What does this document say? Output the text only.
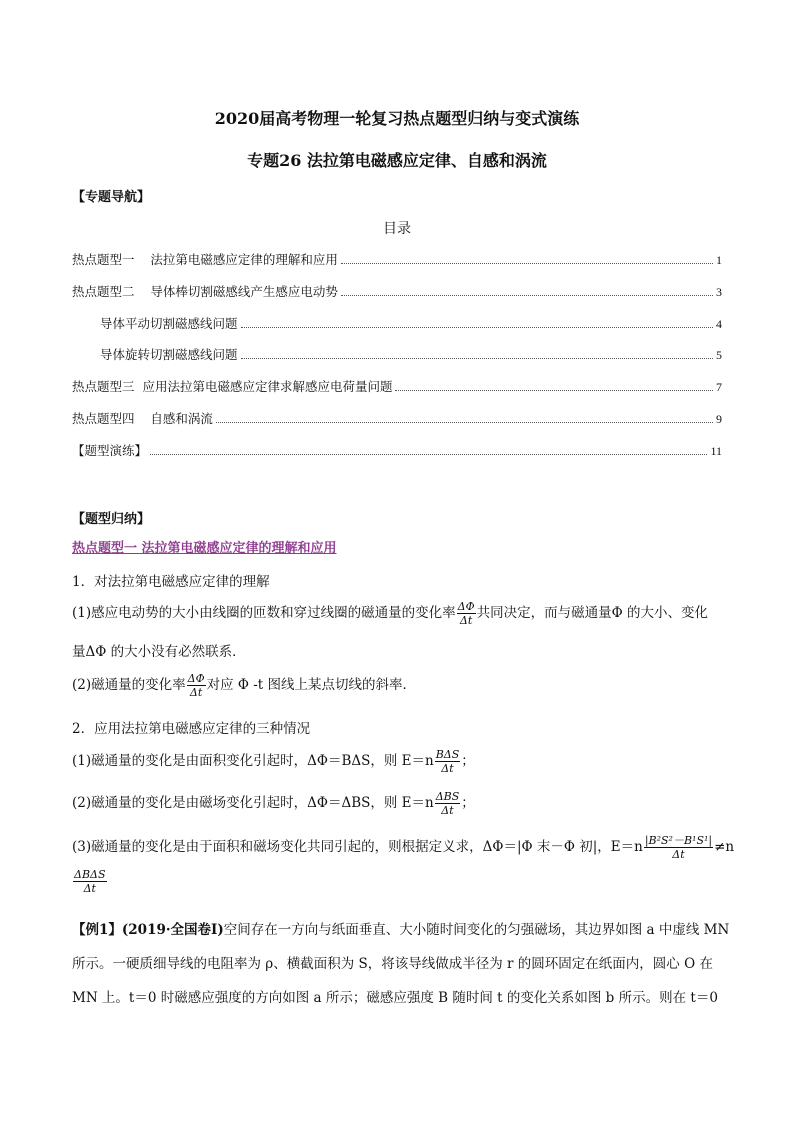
2020届高考物理一轮复习热点题型归纳与变式演练
专题26 法拉第电磁感应定律、自感和涡流
【专题导航】
目录
热点题型一    法拉第电磁感应定律的理解和应用	1
热点题型二    导体棒切割磁感线产生感应电动势	3
导体平动切割磁感线问题	4
导体旋转切割磁感线问题	5
热点题型三  应用法拉第电磁感应定律求解感应电荷量问题	7
热点题型四    自感和涡流	9
【题型演练】	11
【题型归纳】
热点题型一 法拉第电磁感应定律的理解和应用
1．对法拉第电磁感应定律的理解
(1)感应电动势的大小由线圈的匝数和穿过线圈的磁通量的变化率 $\frac{\Delta\Phi}{\Delta t}$ 共同决定，而与磁通量Φ 的大小、变化
量ΔΦ 的大小没有必然联系．
(2)磁通量的变化率 $\frac{\Delta\Phi}{\Delta t}$ 对应 Φ -t 图线上某点切线的斜率．
2．应用法拉第电磁感应定律的三种情况
(1)磁通量的变化是由面积变化引起时，ΔΦ＝BΔS，则 $E=n \frac{\text{BΔS}}{\Delta t}$ ；
(2)磁通量的变化是由磁场变化引起时，ΔΦ＝ΔBS，则 $E=n \frac{\text{ΔBS}}{\Delta t}$ ；
(3)磁通量的变化是由于面积和磁场变化共同引起的，则根据定义求，ΔΦ＝|Φ 末－Φ 初|，$E=n \frac{\text{|B²S²－B¹S¹|}}{\Delta t} \ne n$
$\frac{\text{ΔBΔS}}{\Delta t}$
【例1】(2019·全国卷Ⅰ)空间存在一方向与纸面垂直、大小随时间变化的匀强磁场，其边界如图 a 中虚线 MN
所示。一硬质细导线的电阻率为 ρ、横截面积为 S，将该导线做成半径为 r 的圆环固定在纸面内，圆心 O 在
MN 上。t＝0 时磁感应强度的方向如图 a 所示；磁感应强度 B 随时间 t 的变化关系如图 b 所示。则在 t＝0
